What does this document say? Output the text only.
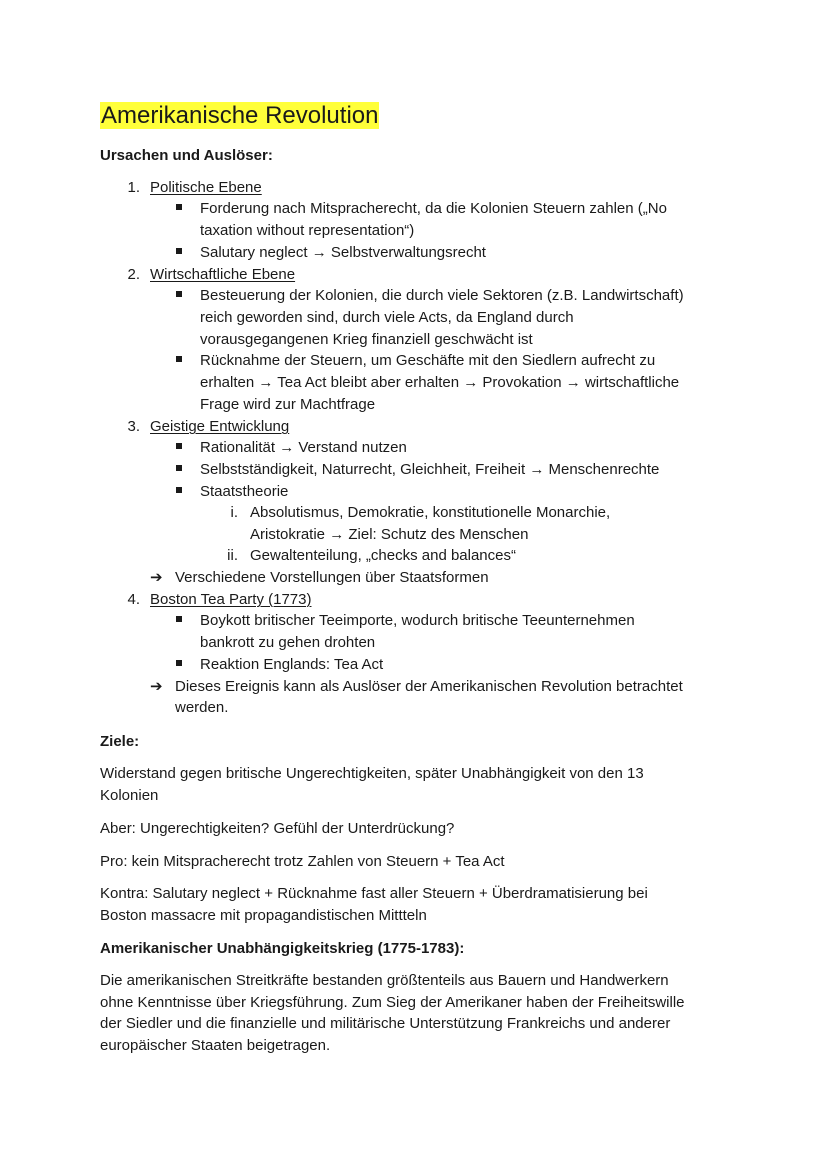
Amerikanische Revolution

Ursachen und Auslöser:

1. Politische Ebene
Forderung nach Mitspracherecht, da die Kolonien Steuern zahlen („No
taxation without representation“)
Salutary neglect → Selbstverwaltungsrecht
2. Wirtschaftliche Ebene
Besteuerung der Kolonien, die durch viele Sektoren (z.B. Landwirtschaft)
reich geworden sind, durch viele Acts, da England durch
vorausgegangenen Krieg finanziell geschwächt ist
Rücknahme der Steuern, um Geschäfte mit den Siedlern aufrecht zu
erhalten → Tea Act bleibt aber erhalten → Provokation → wirtschaftliche
Frage wird zur Machtfrage
3. Geistige Entwicklung
Rationalität → Verstand nutzen
Selbstständigkeit, Naturrecht, Gleichheit, Freiheit → Menschenrechte
Staatstheorie
i. Absolutismus, Demokratie, konstitutionelle Monarchie,
Aristokratie → Ziel: Schutz des Menschen
ii. Gewaltenteilung, „checks and balances“
➔ Verschiedene Vorstellungen über Staatsformen
4. Boston Tea Party (1773)
Boykott britischer Teeimporte, wodurch britische Teeunternehmen
bankrott zu gehen drohten
Reaktion Englands: Tea Act
➔ Dieses Ereignis kann als Auslöser der Amerikanischen Revolution betrachtet
werden.

Ziele:

Widerstand gegen britische Ungerechtigkeiten, später Unabhängigkeit von den 13
Kolonien
Aber: Ungerechtigkeiten? Gefühl der Unterdrückung?
Pro: kein Mitspracherecht trotz Zahlen von Steuern + Tea Act
Kontra: Salutary neglect + Rücknahme fast aller Steuern + Überdramatisierung bei
Boston massacre mit propagandistischen Mittteln

Amerikanischer Unabhängigkeitskrieg (1775-1783):

Die amerikanischen Streitkräfte bestanden größtenteils aus Bauern und Handwerkern
ohne Kenntnisse über Kriegsführung. Zum Sieg der Amerikaner haben der Freiheitswille
der Siedler und die finanzielle und militärische Unterstützung Frankreichs und anderer
europäischer Staaten beigetragen.
